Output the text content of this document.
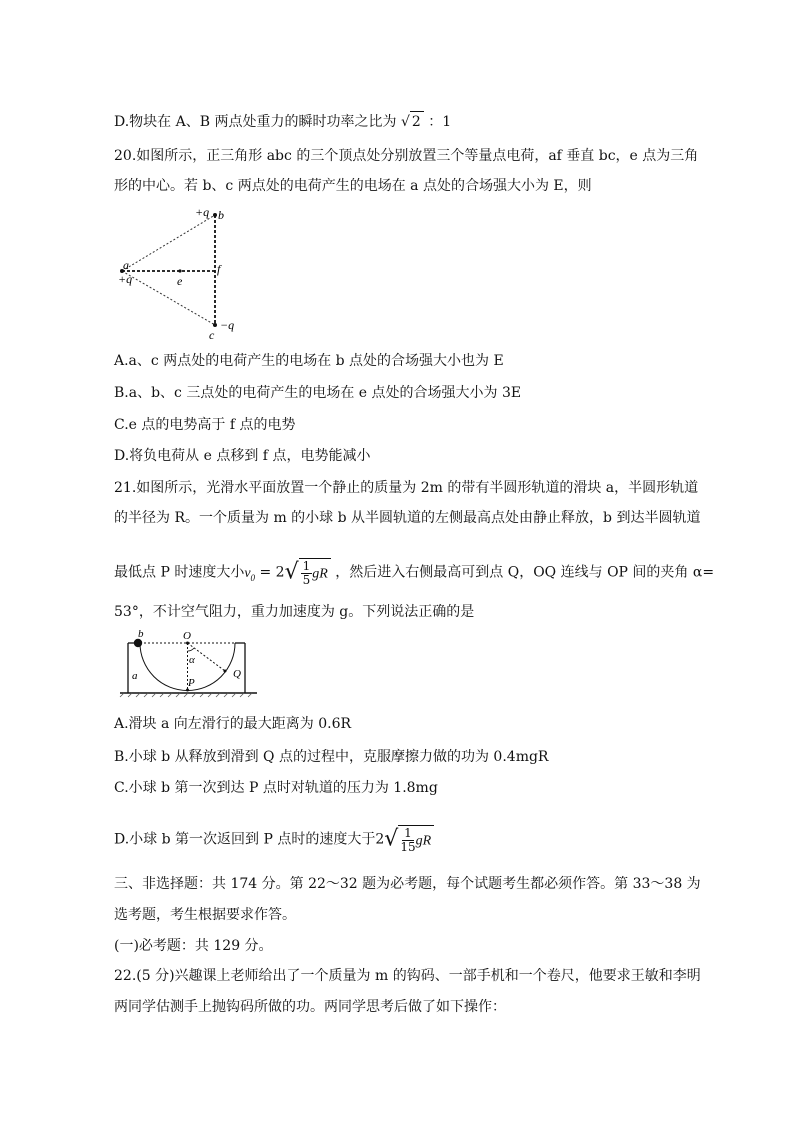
D.物块在 A、B 两点处重力的瞬时功率之比为 √ 2 ：1
20.如图所示，正三角形 abc 的三个顶点处分别放置三个等量点电荷，af 垂直 bc，e 点为三角
形的中心。若 b、c 两点处的电荷产生的电场在 a 点处的合场强大小为 E，则
+q b
a
+q	e
f
c
−q
A.a、c 两点处的电荷产生的电场在 b 点处的合场强大小也为 E
B.a、b、c 三点处的电荷产生的电场在 e 点处的合场强大小为 3E
C.e 点的电势高于 f 点的电势
D.将负电荷从 e 点移到 f 点，电势能减小
21.如图所示，光滑水平面放置一个静止的质量为 2m 的带有半圆形轨道的滑块 a，半圆形轨道
的半径为 R。一个质量为 m 的小球 b 从半圆轨道的左侧最高点处由静止释放，b 到达半圆轨道
最低点 P 时速度大小$v_0 = 2√ \frac{1}{5}$ gR ，然后进入右侧最高可到点 Q，OQ 连线与 OP 间的夹角 α=
53°，不计空气阻力，重力加速度为 g。下列说法正确的是
b	O
α
Q
a
P
A.滑块 a 向左滑行的最大距离为 0.6R
B.小球 b 从释放到滑到 Q 点的过程中，克服摩擦力做的功为 0.4mgR
C.小球 b 第一次到达 P 点时对轨道的压力为 1.8mg
D.小球 b 第一次返回到 P 点时的速度大于$2√ \frac{1}{15}$ gR
三、非选择题：共 174 分。第 22～32 题为必考题，每个试题考生都必须作答。第 33～38 为
选考题，考生根据要求作答。
(一)必考题：共 129 分。
22.(5 分)兴趣课上老师给出了一个质量为 m 的钩码、一部手机和一个卷尺，他要求王敏和李明
两同学估测手上抛钩码所做的功。两同学思考后做了如下操作：
